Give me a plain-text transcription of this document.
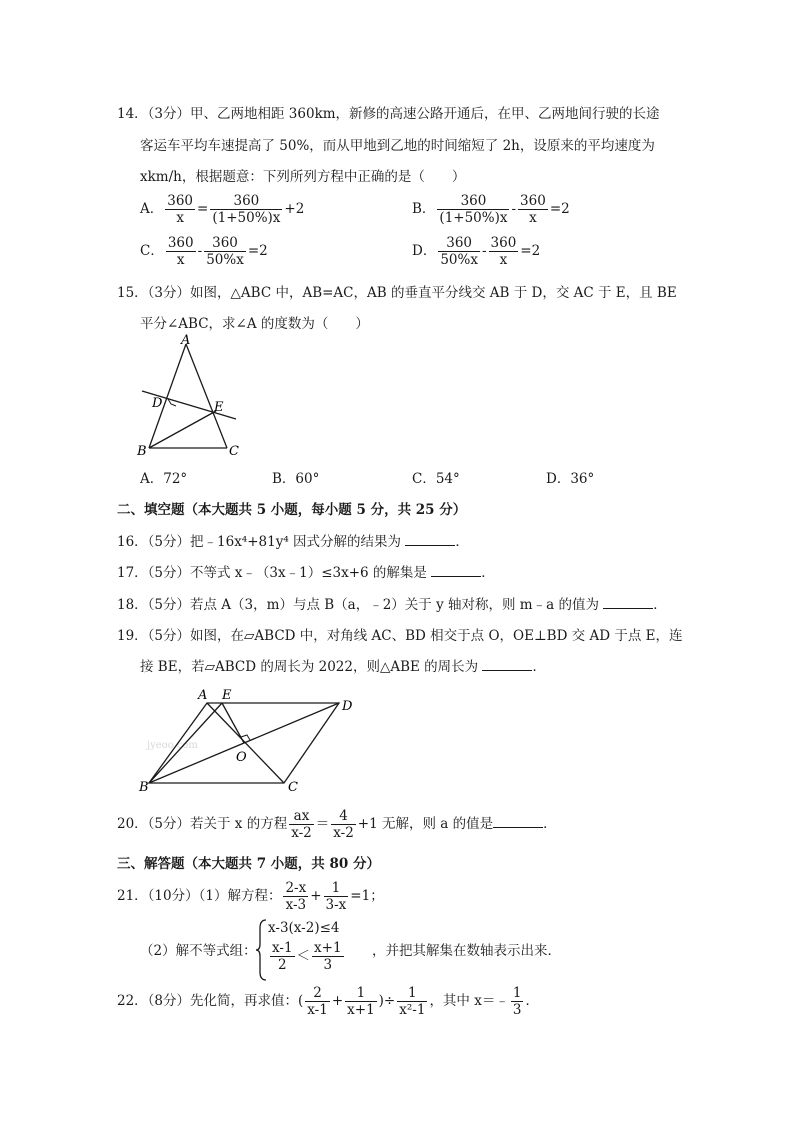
14．（3分）甲、乙两地相距 360km，新修的高速公路开通后，在甲、乙两地间行驶的长途
客运车平均车速提高了 50%，而从甲地到乙地的时间缩短了 2h，设原来的平均速度为
xkm/h，根据题意：下列所列方程中正确的是（　　）
A． $\frac{360}{x} = \frac{360}{(1+50\%)x} +2$	B． $\frac{360}{(1+50\%)x} - \frac{360}{x} =2$
C． $\frac{360}{x} - \frac{360}{50\%x} =2$	D． $\frac{360}{50\%x} - \frac{360}{x} =2$
15．（3分）如图，△ABC 中，AB=AC，AB 的垂直平分线交 AB 于 D，交 AC 于 E，且 BE
平分∠ABC，求∠A 的度数为（　　）
A
D	E
B	C
A．72°	B．60°	C．54°	D．36°
二、填空题（本大题共 5 小题，每小题 5 分，共 25 分）
16．（5分）把﹣16x⁴+81y⁴ 因式分解的结果为	．
17．（5分）不等式 x﹣（3x﹣1）≤3x+6 的解集是	．
18．（5分）若点 A（3，m）与点 B（a，﹣2）关于 y 轴对称，则 m﹣a 的值为	．
19．（5分）如图，在▱ABCD 中，对角线 AC、BD 相交于点 O，OE⊥BD 交 AD 于点 E，连
接 BE，若▱ABCD 的周长为 2022，则△ABE 的周长为	．
jyeoo.com
A E
D
O
B	C
20．（5分）若关于 x 的方程 $\frac{ax}{x-2} = \frac{4}{x-2} +1$ 无解，则 a 的值是	．
三、解答题（本大题共 7 小题，共 80 分）
21．（10分）（1）解方程： $\frac{2-x}{x-3} + \frac{1}{3-x} =1$；
（2）解不等式组：
x-3(x-2)≤4
$\frac{x-1}{2} < \frac{x+1}{3}$ ，并把其解集在数轴表示出来．
22．（8分）先化简，再求值：( $\frac{2}{x-1} + \frac{1}{x+1}$ )÷ $\frac{1}{\text{x²-1}}$ ，其中 x＝﹣ $\frac{1}{3}$ ．
